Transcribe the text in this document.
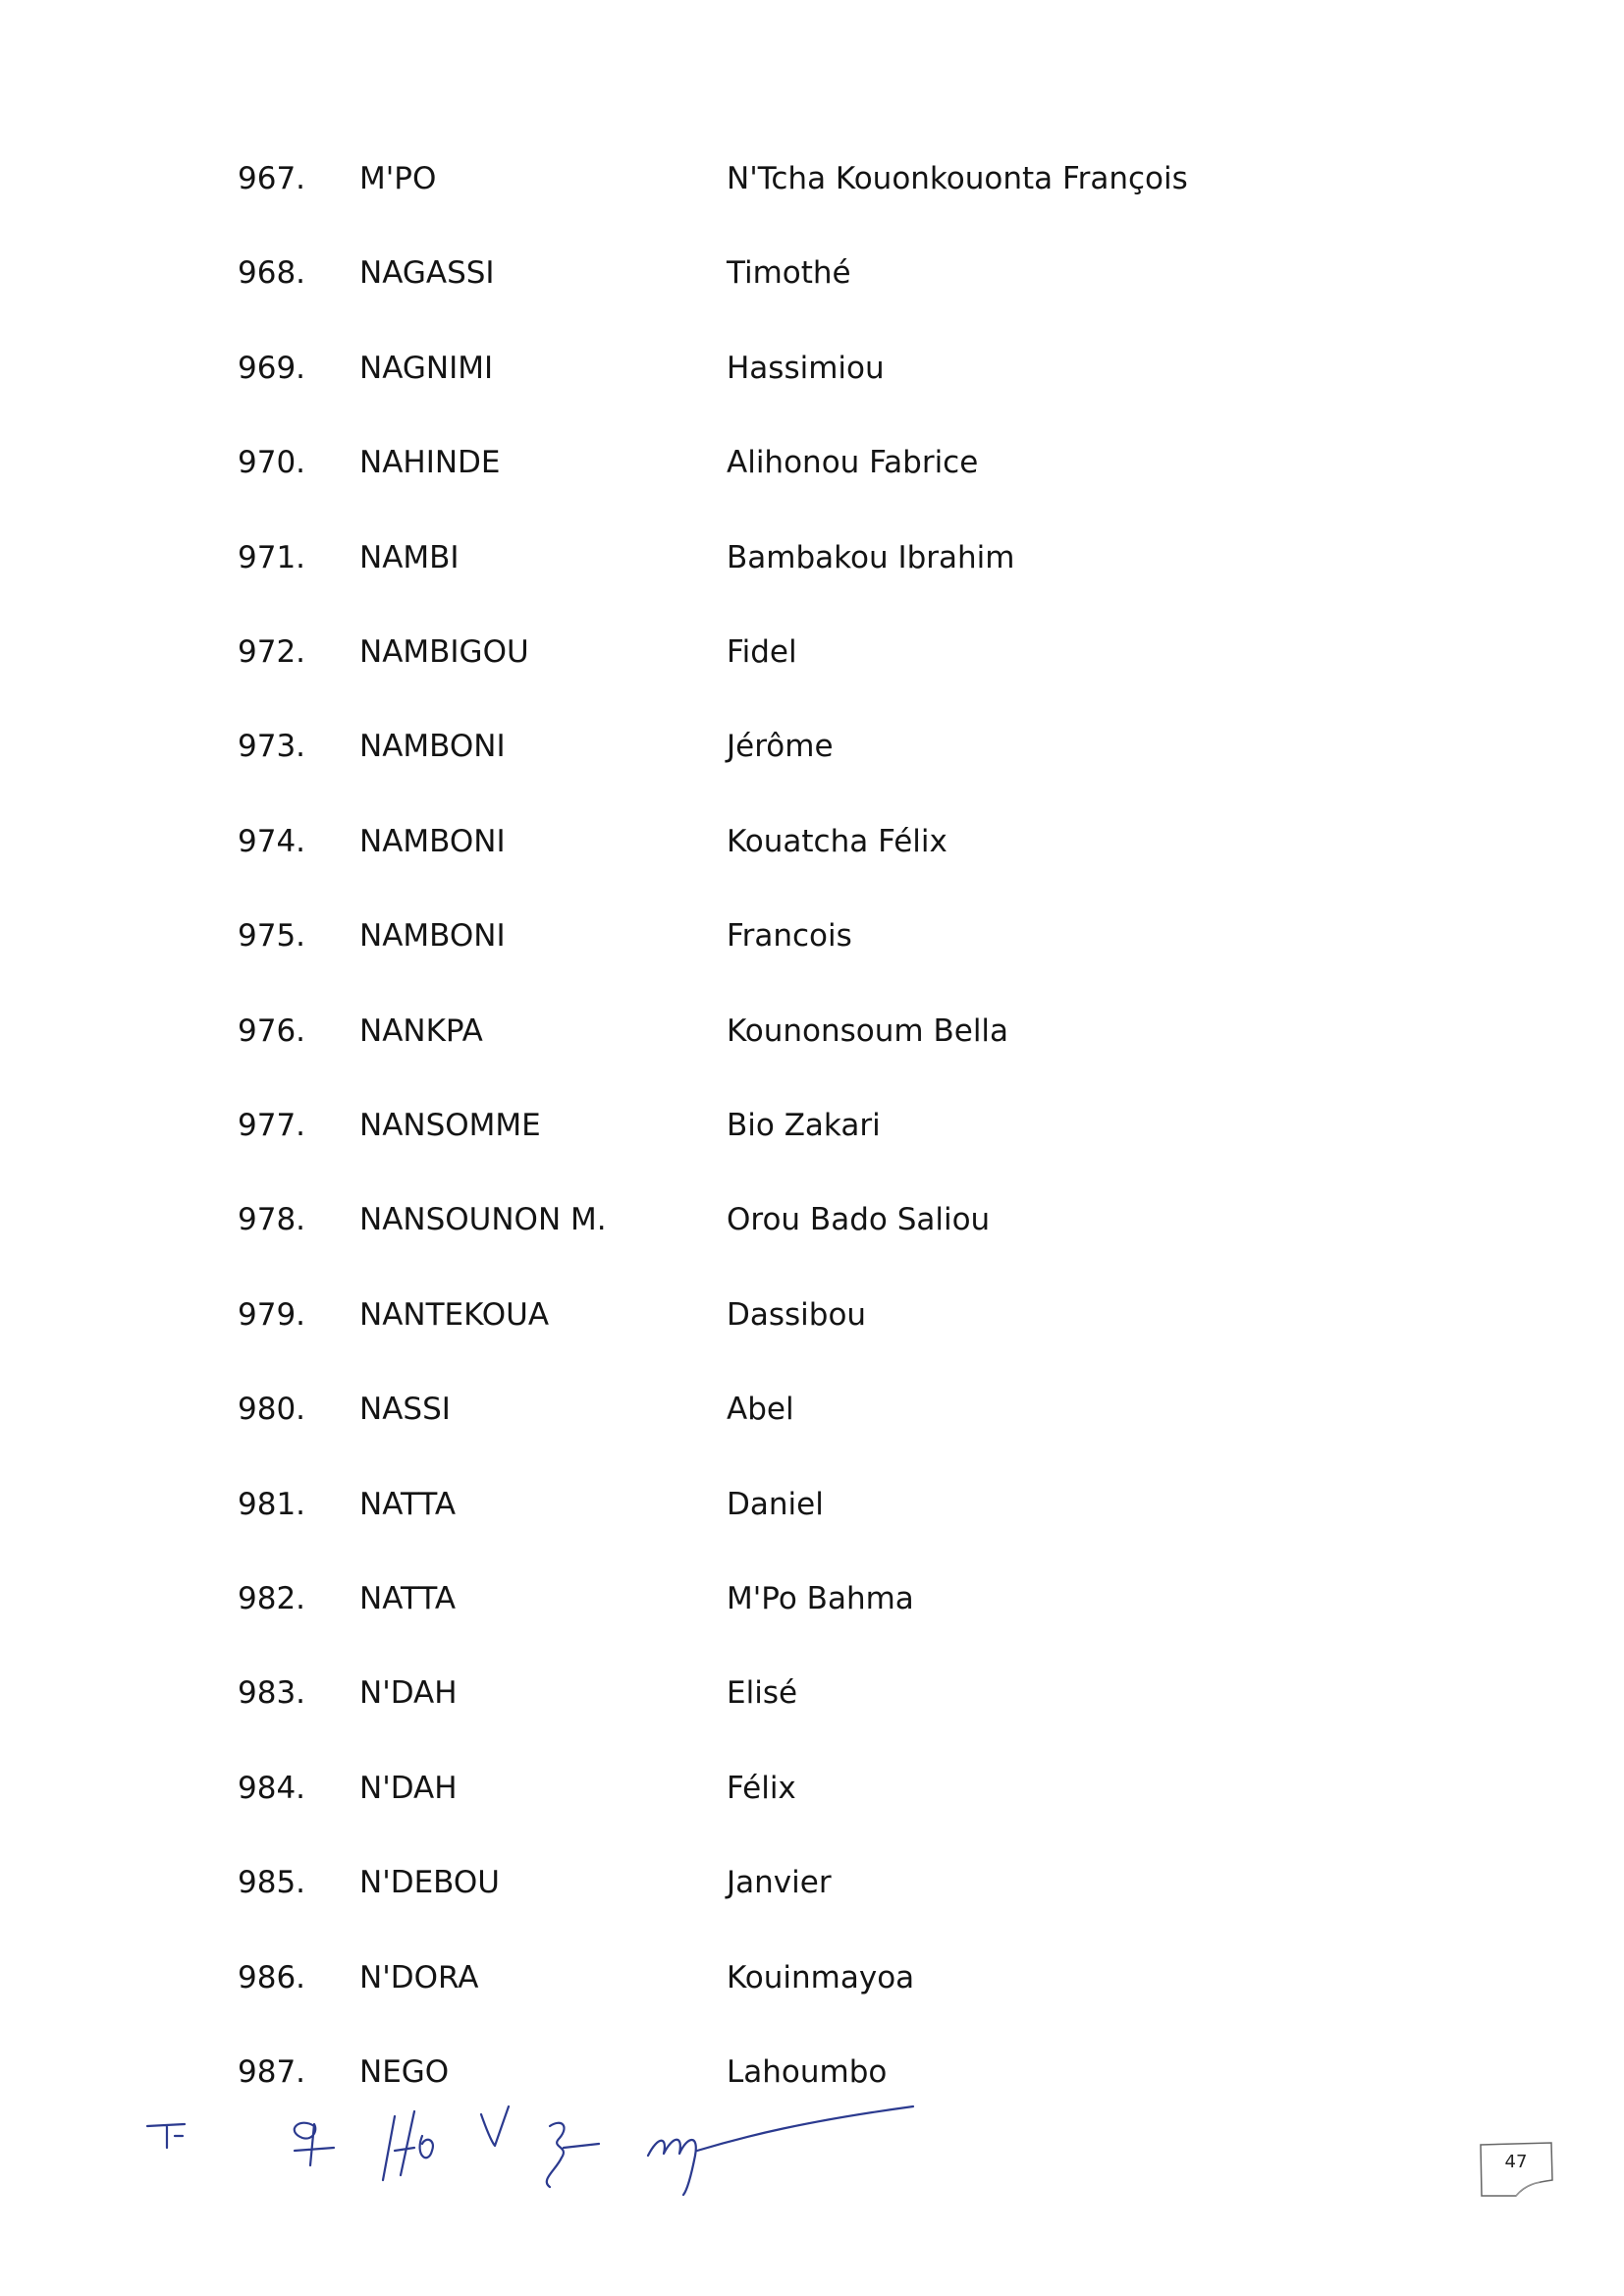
967. M'PO	N'Tcha Kouonkouonta François
968. NAGASSI	Timothé
969. NAGNIMI	Hassimiou
970. NAHINDE	Alihonou Fabrice
971. NAMBI	Bambakou Ibrahim
972. NAMBIGOU	Fidel
973. NAMBONI	Jérôme
974. NAMBONI	Kouatcha Félix
975. NAMBONI	Francois
976. NANKPA	Kounonsoum Bella
977. NANSOMME	Bio Zakari
978. NANSOUNON M.	Orou Bado Saliou
979. NANTEKOUA	Dassibou
980. NASSI	Abel
981. NATTA	Daniel
982. NATTA	M'Po Bahma
983. N'DAH	Elisé
984. N'DAH	Félix
985. N'DEBOU	Janvier
986. N'DORA	Kouinmayoa
987. NEGO	Lahoumbo
47
